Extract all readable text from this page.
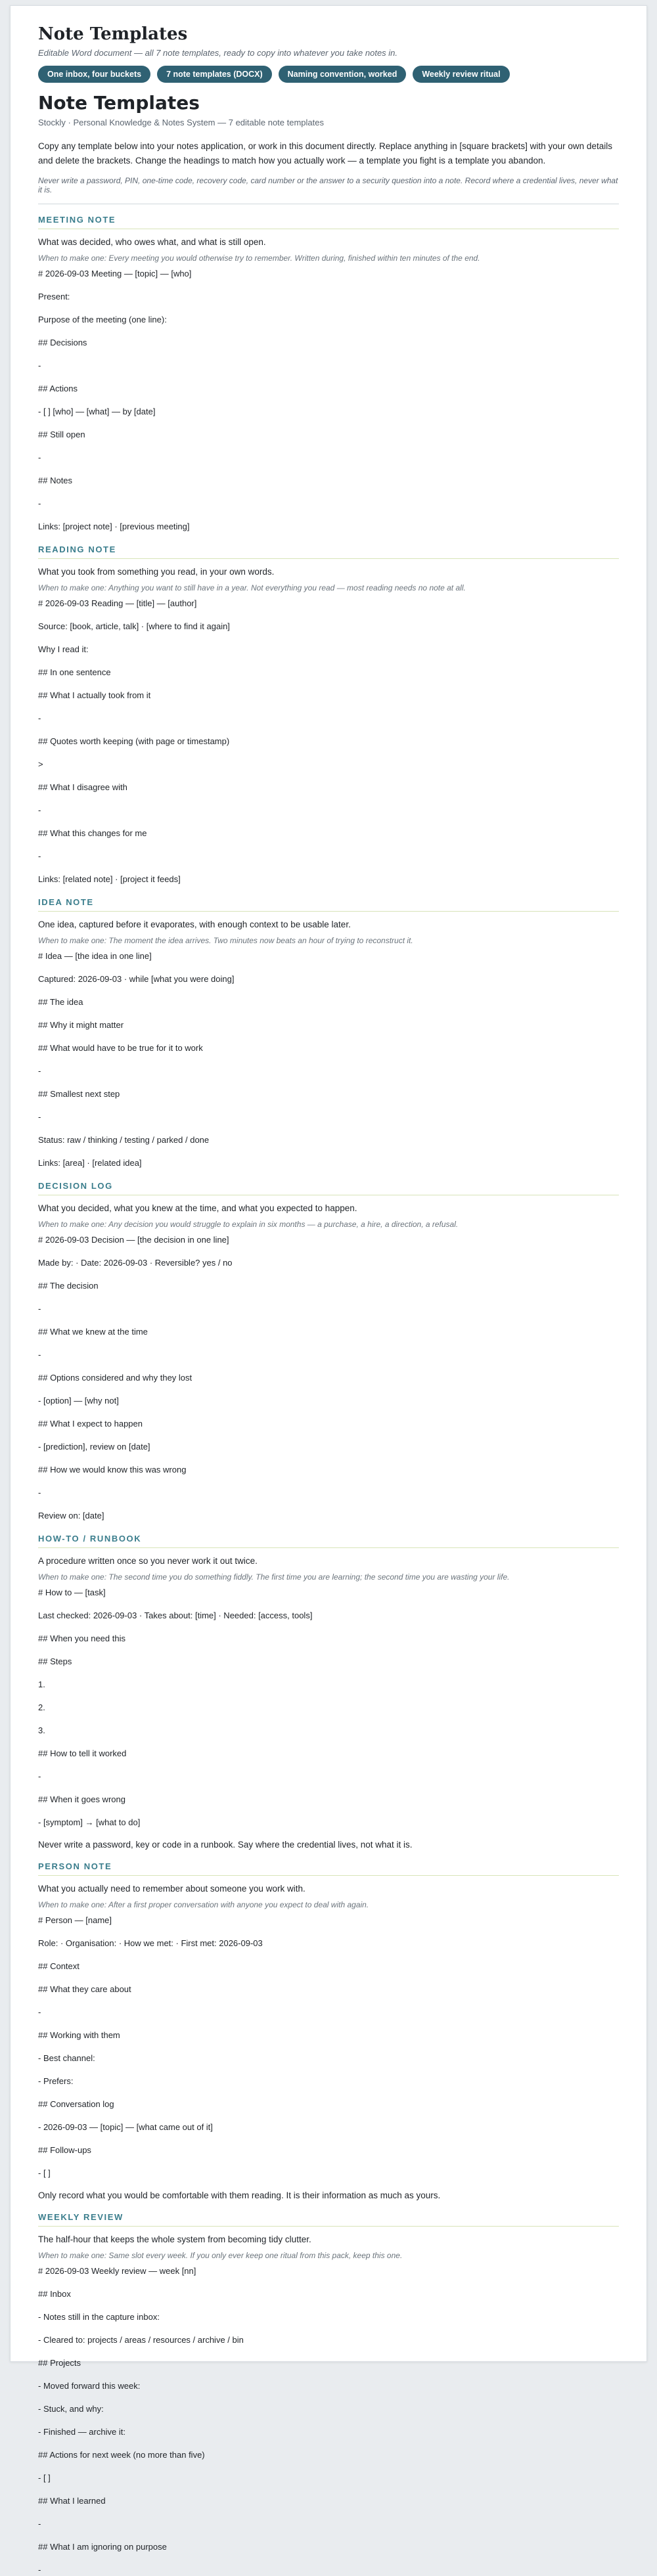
Note Templates
Editable Word document — all 7 note templates, ready to copy into whatever you take notes in.
One inbox, four buckets	7 note templates (DOCX)	Naming convention, worked	Weekly review ritual
Note Templates
Stockly · Personal Knowledge & Notes System — 7 editable note templates

Copy any template below into your notes application, or work in this document directly. Replace anything in [square brackets] with your own details and delete the brackets. Change the headings to match how you actually work — a template you fight is a template you abandon.

Never write a password, PIN, one-time code, recovery code, card number or the answer to a security question into a note. Record where a credential lives, never what it is.

MEETING NOTE

What was decided, who owes what, and what is still open.

When to make one: Every meeting you would otherwise try to remember. Written during, finished within ten minutes of the end.

# 2026-09-03 Meeting — [topic] — [who]
Present:
Purpose of the meeting (one line):
## Decisions
-
## Actions
- [ ] [who] — [what] — by [date]
## Still open
-
## Notes
-
Links: [project note] · [previous meeting]
READING NOTE

What you took from something you read, in your own words.

When to make one: Anything you want to still have in a year. Not everything you read — most reading needs no note at all.

# 2026-09-03 Reading — [title] — [author]
Source: [book, article, talk] · [where to find it again]
Why I read it:
## In one sentence
## What I actually took from it
-
## Quotes worth keeping (with page or timestamp)
>
## What I disagree with
-
## What this changes for me
-
Links: [related note] · [project it feeds]
IDEA NOTE

One idea, captured before it evaporates, with enough context to be usable later.

When to make one: The moment the idea arrives. Two minutes now beats an hour of trying to reconstruct it.

# Idea — [the idea in one line]
Captured: 2026-09-03 · while [what you were doing]
## The idea
## Why it might matter
## What would have to be true for it to work
-
## Smallest next step
-
Status: raw / thinking / testing / parked / done
Links: [area] · [related idea]
DECISION LOG

What you decided, what you knew at the time, and what you expected to happen.

When to make one: Any decision you would struggle to explain in six months — a purchase, a hire, a direction, a refusal.

# 2026-09-03 Decision — [the decision in one line]
Made by: · Date: 2026-09-03 · Reversible? yes / no
## The decision
-
## What we knew at the time
-
## Options considered and why they lost
- [option] — [why not]
## What I expect to happen
- [prediction], review on [date]
## How we would know this was wrong
-
Review on: [date]
HOW-TO / RUNBOOK

A procedure written once so you never work it out twice.

When to make one: The second time you do something fiddly. The first time you are learning; the second time you are wasting your life.

# How to — [task]
Last checked: 2026-09-03 · Takes about: [time] · Needed: [access, tools]
## When you need this
## Steps
1.
2.
3.
## How to tell it worked
-
## When it goes wrong
- [symptom] → [what to do]

Never write a password, key or code in a runbook. Say where the credential lives, not what it is.

PERSON NOTE

What you actually need to remember about someone you work with.

When to make one: After a first proper conversation with anyone you expect to deal with again.

# Person — [name]
Role: · Organisation: · How we met: · First met: 2026-09-03
## Context
## What they care about
-
## Working with them
- Best channel:
- Prefers:
## Conversation log
- 2026-09-03 — [topic] — [what came out of it]
## Follow-ups
- [ ]

Only record what you would be comfortable with them reading. It is their information as much as yours.

WEEKLY REVIEW

The half-hour that keeps the whole system from becoming tidy clutter.

When to make one: Same slot every week. If you only ever keep one ritual from this pack, keep this one.

# 2026-09-03 Weekly review — week [nn]
## Inbox
- Notes still in the capture inbox:
- Cleared to: projects / areas / resources / archive / bin
## Projects
- Moved forward this week:
- Stuck, and why:
- Finished — archive it:
## Actions for next week (no more than five)
- [ ]
## What I learned
-
## What I am ignoring on purpose
-
